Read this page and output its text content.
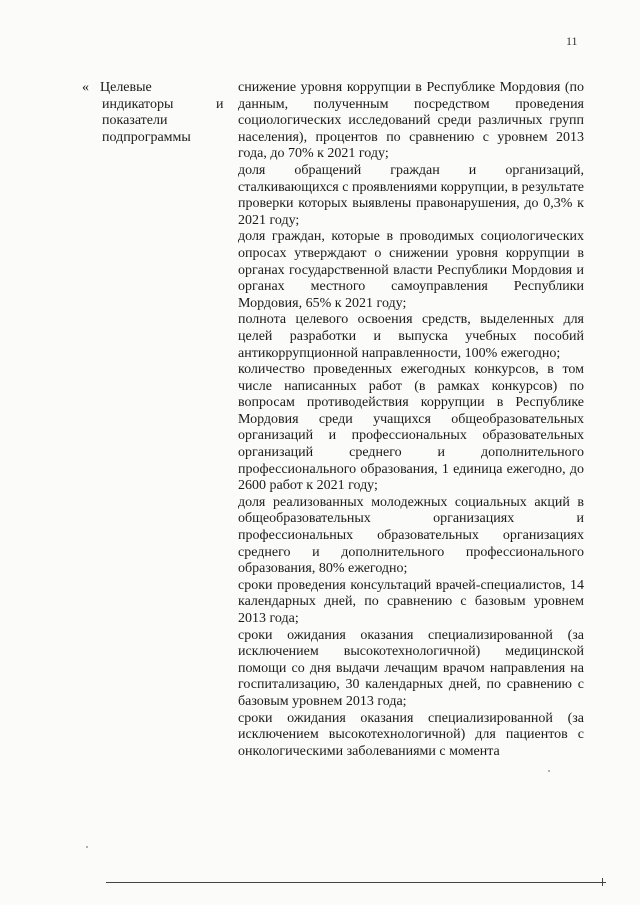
11
« Целевые
индикаторы
показатели
подпрограммы
и

снижение уровня коррупции в Республике Мордовия (по данным, полученным посредством проведения социологических исследований среди различных групп населения), процентов по сравнению с уровнем 2013 года, до 70% к 2021 году;

доля обращений граждан и организаций, сталкивающихся с проявлениями коррупции, в результате проверки которых выявлены правонарушения, до 0,3% к 2021 году;

доля граждан, которые в проводимых социологических опросах утверждают о снижении уровня коррупции в органах государственной власти Республики Мордовия и органах местного самоуправления Республики Мордовия, 65% к 2021 году;

полнота целевого освоения средств, выделенных для целей разработки и выпуска учебных пособий антикоррупционной направленности, 100% ежегодно;

количество проведенных ежегодных конкурсов, в том числе написанных работ (в рамках конкурсов) по вопросам противодействия коррупции в Республике Мордовия среди учащихся общеобразовательных организаций и профессиональных образовательных организаций среднего и дополнительного профессионального образования, 1 единица ежегодно, до 2600 работ к 2021 году;

доля реализованных молодежных социальных акций в общеобразовательных организациях и профессиональных образовательных организациях среднего и дополнительного профессионального образования, 80% ежегодно;

сроки проведения консультаций врачей-специалистов, 14 календарных дней, по сравнению с базовым уровнем 2013 года;

сроки ожидания оказания специализированной (за исключением высокотехнологичной) медицинской помощи со дня выдачи лечащим врачом направления на госпитализацию, 30 календарных дней, по сравнению с базовым уровнем 2013 года;

сроки ожидания оказания специализированной (за исключением высокотехнологичной) для пациентов с онкологическими заболеваниями с момента
